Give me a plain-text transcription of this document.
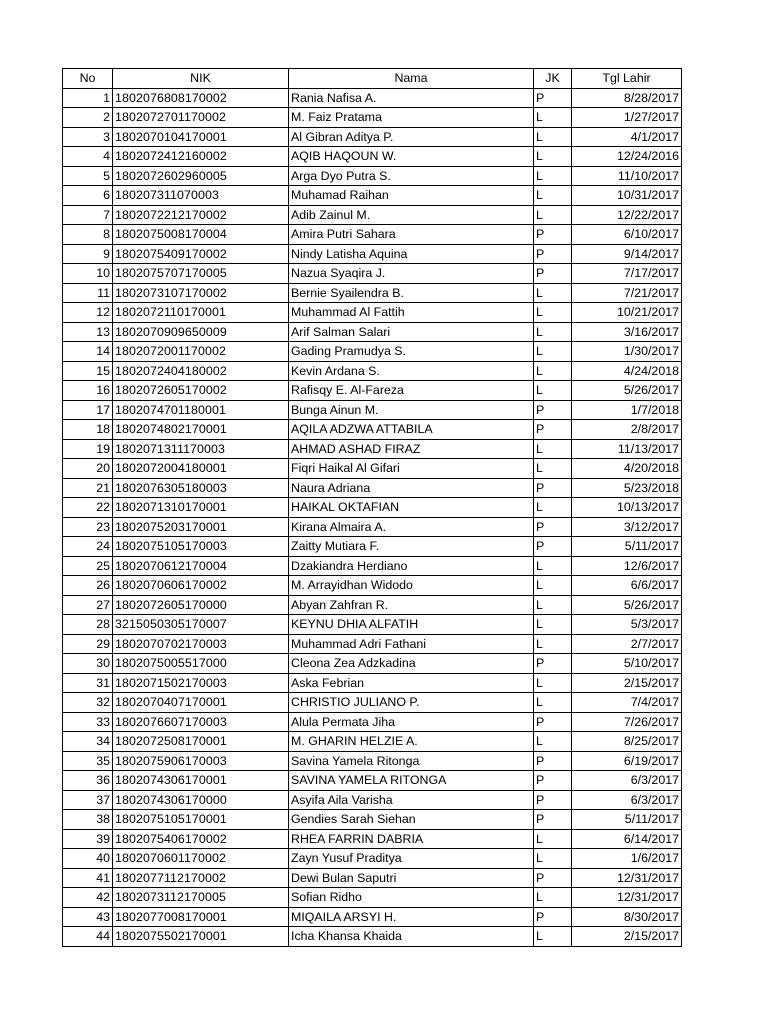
No	NIK	Nama	JK	Tgl Lahir
1	1802076808170002	Rania Nafisa A.	P	8/28/2017
2	1802072701170002	M. Faiz Pratama	L	1/27/2017
3	1802070104170001	Al Gibran Aditya P.	L	4/1/2017
4	1802072412160002	AQIB HAQOUN W.	L	12/24/2016
5	1802072602960005	Arga Dyo Putra S.	L	11/10/2017
6	180207311070003	Muhamad Raihan	L	10/31/2017
7	1802072212170002	Adib Zainul M.	L	12/22/2017
8	1802075008170004	Amira Putri Sahara	P	6/10/2017
9	1802075409170002	Nindy Latisha Aquina	P	9/14/2017
10	1802075707170005	Nazua Syaqira J.	P	7/17/2017
11	1802073107170002	Bernie Syailendra B.	L	7/21/2017
12	1802072110170001	Muhammad Al Fattih	L	10/21/2017
13	1802070909650009	Arif Salman Salari	L	3/16/2017
14	1802072001170002	Gading Pramudya S.	L	1/30/2017
15	1802072404180002	Kevin Ardana S.	L	4/24/2018
16	1802072605170002	Rafisqy E. Al-Fareza	L	5/26/2017
17	1802074701180001	Bunga Ainun M.	P	1/7/2018
18	1802074802170001	AQILA ADZWA ATTABILA	P	2/8/2017
19	1802071311170003	AHMAD ASHAD FIRAZ	L	11/13/2017
20	1802072004180001	Fiqri Haikal Al Gifari	L	4/20/2018
21	1802076305180003	Naura Adriana	P	5/23/2018
22	1802071310170001	HAIKAL OKTAFIAN	L	10/13/2017
23	1802075203170001	Kirana Almaira A.	P	3/12/2017
24	1802075105170003	Zaitty Mutiara F.	P	5/11/2017
25	1802070612170004	Dzakiandra Herdiano	L	12/6/2017
26	1802070606170002	M. Arrayidhan Widodo	L	6/6/2017
27	1802072605170000	Abyan Zahfran R.	L	5/26/2017
28	3215050305170007	KEYNU DHIA ALFATIH	L	5/3/2017
29	1802070702170003	Muhammad Adri Fathani	L	2/7/2017
30	1802075005517000	Cleona Zea Adzkadina	P	5/10/2017
31	1802071502170003	Aska Febrian	L	2/15/2017
32	1802070407170001	CHRISTIO JULIANO P.	L	7/4/2017
33	1802076607170003	Alula Permata Jiha	P	7/26/2017
34	1802072508170001	M. GHARIN HELZIE A.	L	8/25/2017
35	1802075906170003	Savina Yamela Ritonga	P	6/19/2017
36	1802074306170001	SAVINA YAMELA RITONGA	P	6/3/2017
37	1802074306170000	Asyifa Aila Varisha	P	6/3/2017
38	1802075105170001	Gendies Sarah Siehan	P	5/11/2017
39	1802075406170002	RHEA FARRIN DABRIA	L	6/14/2017
40	1802070601170002	Zayn Yusuf Praditya	L	1/6/2017
41	1802077112170002	Dewi Bulan Saputri	P	12/31/2017
42	1802073112170005	Sofian Ridho	L	12/31/2017
43	1802077008170001	MIQAILA ARSYI H.	P	8/30/2017
44	1802075502170001	Icha Khansa Khaida	L	2/15/2017
